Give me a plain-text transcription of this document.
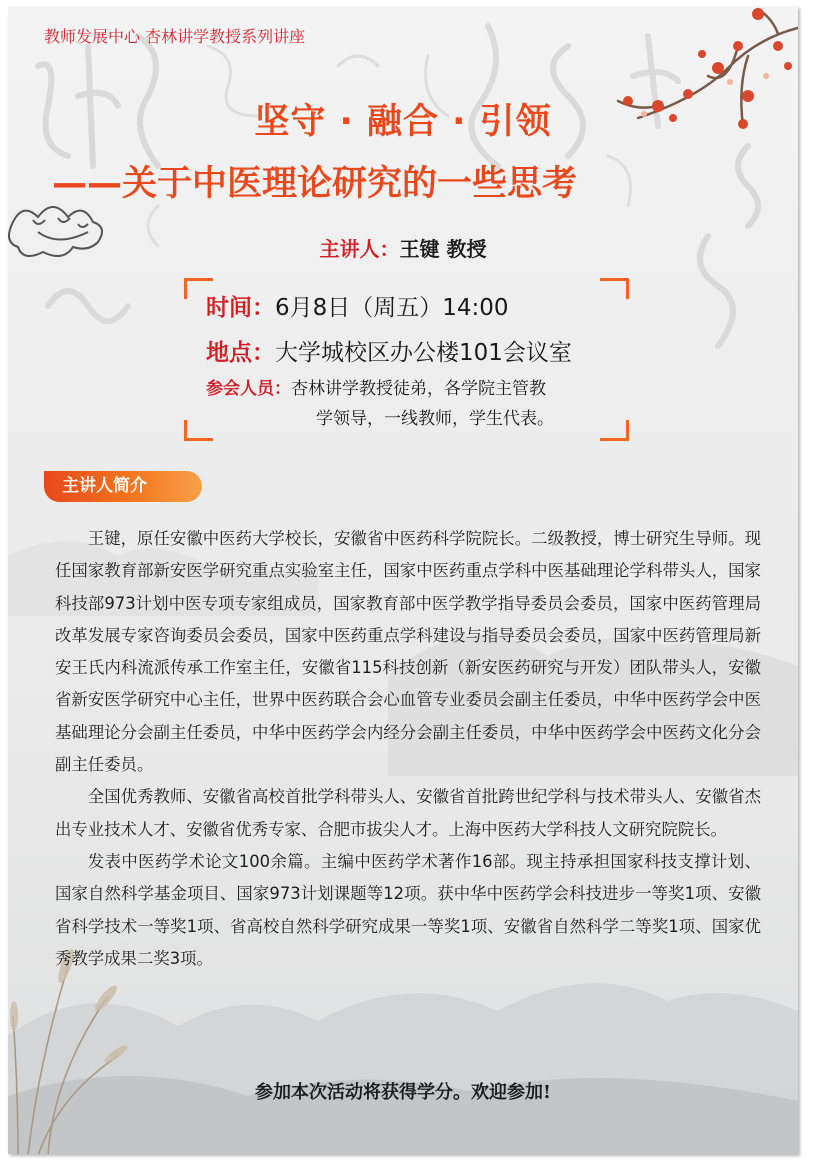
教师发展中心 杏林讲学教授系列讲座
坚守 · 融合 · 引领
——关于中医理论研究的一些思考
主讲人：王键 教授
时间：6月8日（周五）14:00
地点：大学城校区办公楼101会议室
参会人员：杏林讲学教授徒弟，各学院主管教
学领导，一线教师，学生代表。
主讲人简介

王键，原任安徽中医药大学校长，安徽省中医药科学院院长。二级教授，博士研究生导师。现任国家教育部新安医学研究重点实验室主任，国家中医药重点学科中医基础理论学科带头人，国家科技部973计划中医专项专家组成员，国家教育部中医学教学指导委员会委员，国家中医药管理局改革发展专家咨询委员会委员，国家中医药重点学科建设与指导委员会委员，国家中医药管理局新安王氏内科流派传承工作室主任，安徽省115科技创新（新安医药研究与开发）团队带头人，安徽省新安医学研究中心主任，世界中医药联合会心血管专业委员会副主任委员，中华中医药学会中医基础理论分会副主任委员，中华中医药学会内经分会副主任委员，中华中医药学会中医药文化分会副主任委员。

全国优秀教师、安徽省高校首批学科带头人、安徽省首批跨世纪学科与技术带头人、安徽省杰出专业技术人才、安徽省优秀专家、合肥市拔尖人才。上海中医药大学科技人文研究院院长。

发表中医药学术论文100余篇。主编中医药学术著作16部。现主持承担国家科技支撑计划、国家自然科学基金项目、国家973计划课题等12项。获中华中医药学会科技进步一等奖1项、安徽省科学技术一等奖1项、省高校自然科学研究成果一等奖1项、安徽省自然科学二等奖1项、国家优秀教学成果二奖3项。

参加本次活动将获得学分。欢迎参加!
